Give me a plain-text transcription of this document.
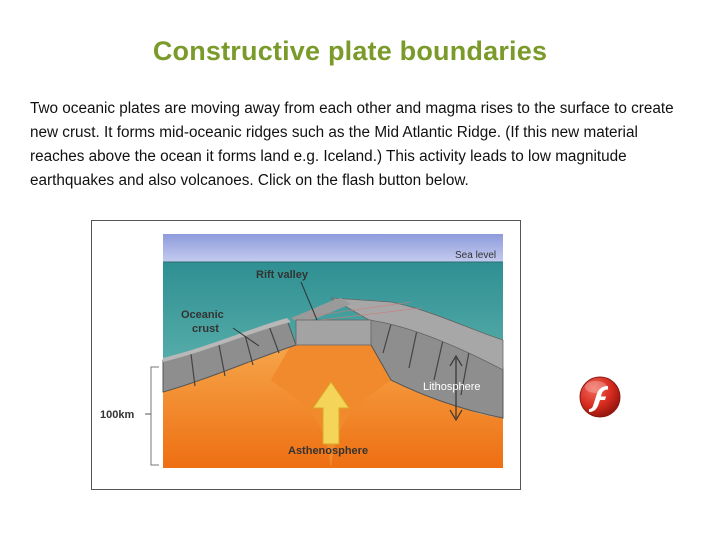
Constructive plate boundaries

Two oceanic plates are moving away from each other and magma rises to the surface to create new crust. It forms mid-oceanic ridges such as the Mid Atlantic Ridge. (If this new material reaches above the ocean it forms land e.g. Iceland.) This activity leads to low magnitude earthquakes and also volcanoes. Click on the flash button below.

Sea level
Rift valley
Oceanic
crust
Lithosphere
100km
Asthenosphere
